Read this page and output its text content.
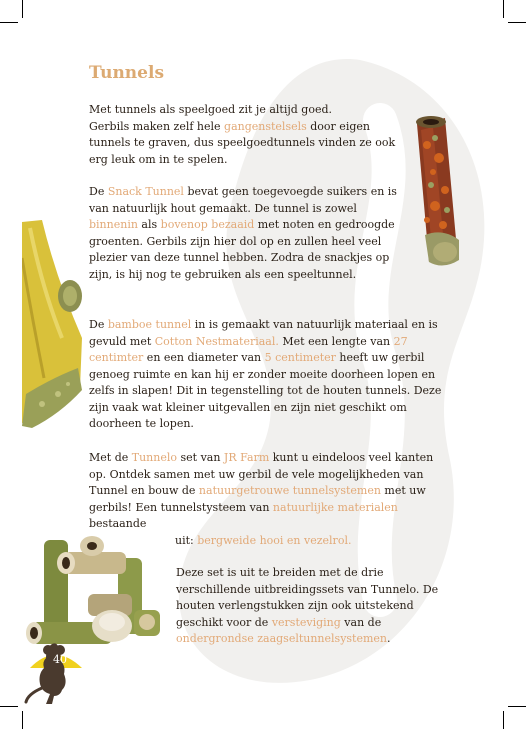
40
Tunnels

Met tunnels als speelgoed zit je altijd goed.
Gerbils maken zelf hele gangenstelsels door eigen tunnels te graven, dus speelgoedtunnels vinden ze ook erg leuk om in te spelen.

De Snack Tunnel bevat geen toegevoegde suikers en is van natuurlijk hout gemaakt. De tunnel is zowel binnenin als bovenop bezaaid met noten en gedroogde groenten. Gerbils zijn hier dol op en zullen heel veel plezier van deze tunnel hebben. Zodra de snackjes op zijn, is hij nog te gebruiken als een speeltunnel.

De bamboe tunnel in is gemaakt van natuurlijk materiaal en is gevuld met Cotton Nestmateriaal. Met een lengte van 27 centimter en een diameter van 5 centimeter heeft uw gerbil genoeg ruimte en kan hij er zonder moeite doorheen lopen en zelfs in slapen! Dit in tegenstelling tot de houten tunnels. Deze zijn vaak wat kleiner uitgevallen en zijn niet geschikt om doorheen te lopen.

Met de Tunnelo set van JR Farm kunt u eindeloos veel kanten op. Ontdek samen met uw gerbil de vele mogelijkheden van Tunnel en bouw de natuurgetrouwe tunnelsystemen met uw gerbils! Een tunnelstysteem van natuurlijke materialen bestaande
uit: bergweide hooi en vezelrol.

Deze set is uit te breiden met de drie verschillende uitbreidingssets van Tunnelo. De houten verlengstukken zijn ook uitstekend geschikt voor de versteviging van de ondergrondse zaagseltunnelsystemen.
